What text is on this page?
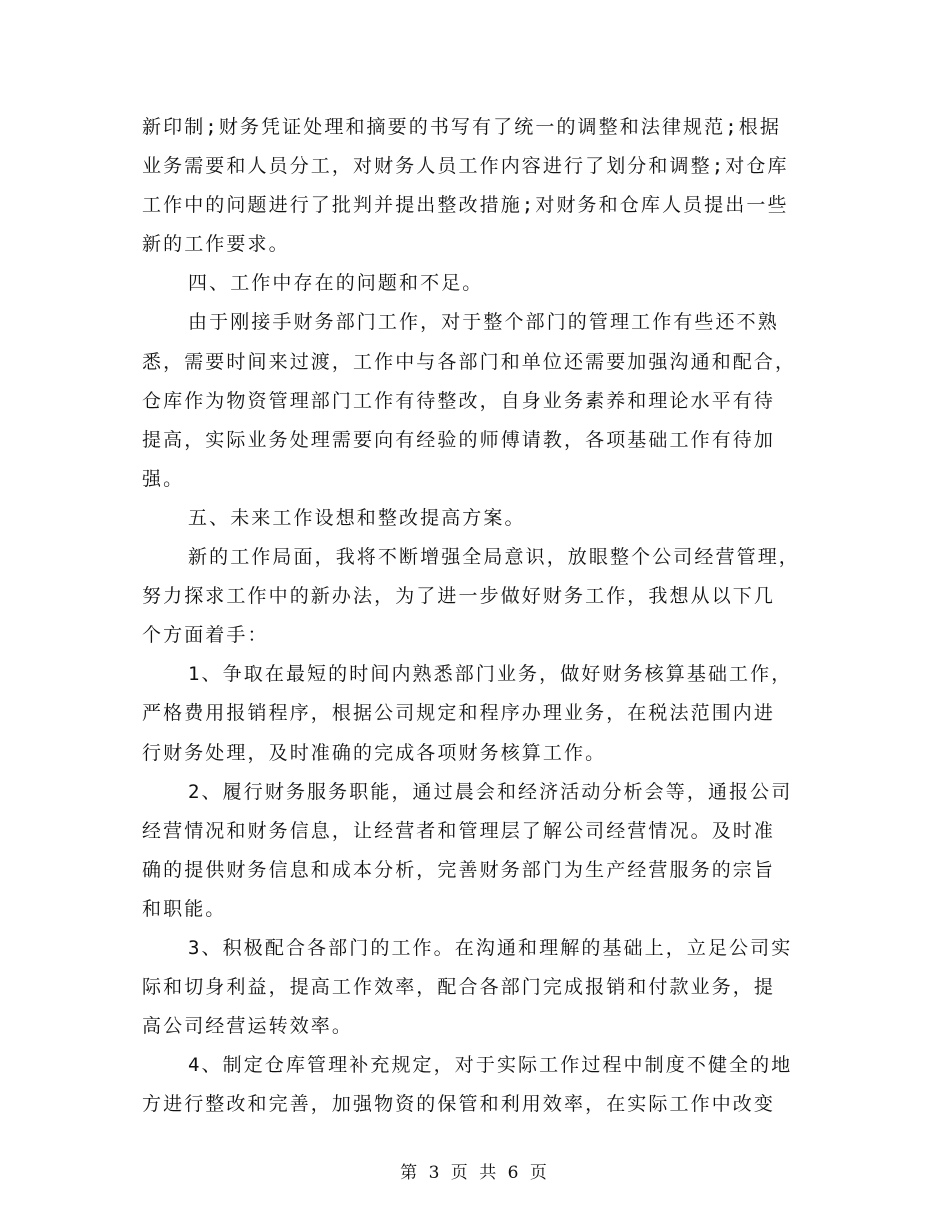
新印制;财务凭证处理和摘要的书写有了统一的调整和法律规范;根据
业务需要和人员分工，对财务人员工作内容进行了划分和调整;对仓库
工作中的问题进行了批判并提出整改措施;对财务和仓库人员提出一些
新的工作要求。
四、工作中存在的问题和不足。
由于刚接手财务部门工作，对于整个部门的管理工作有些还不熟
悉，需要时间来过渡，工作中与各部门和单位还需要加强沟通和配合，
仓库作为物资管理部门工作有待整改，自身业务素养和理论水平有待
提高，实际业务处理需要向有经验的师傅请教，各项基础工作有待加
强。
五、未来工作设想和整改提高方案。
新的工作局面，我将不断增强全局意识，放眼整个公司经营管理，
努力探求工作中的新办法，为了进一步做好财务工作，我想从以下几
个方面着手：
1、争取在最短的时间内熟悉部门业务，做好财务核算基础工作，
严格费用报销程序，根据公司规定和程序办理业务，在税法范围内进
行财务处理，及时准确的完成各项财务核算工作。
2、履行财务服务职能，通过晨会和经济活动分析会等，通报公司
经营情况和财务信息，让经营者和管理层了解公司经营情况。及时准
确的提供财务信息和成本分析，完善财务部门为生产经营服务的宗旨
和职能。
3、积极配合各部门的工作。在沟通和理解的基础上，立足公司实
际和切身利益，提高工作效率，配合各部门完成报销和付款业务，提
高公司经营运转效率。
4、制定仓库管理补充规定，对于实际工作过程中制度不健全的地
方进行整改和完善，加强物资的保管和利用效率，在实际工作中改变
第 3 页 共 6 页
